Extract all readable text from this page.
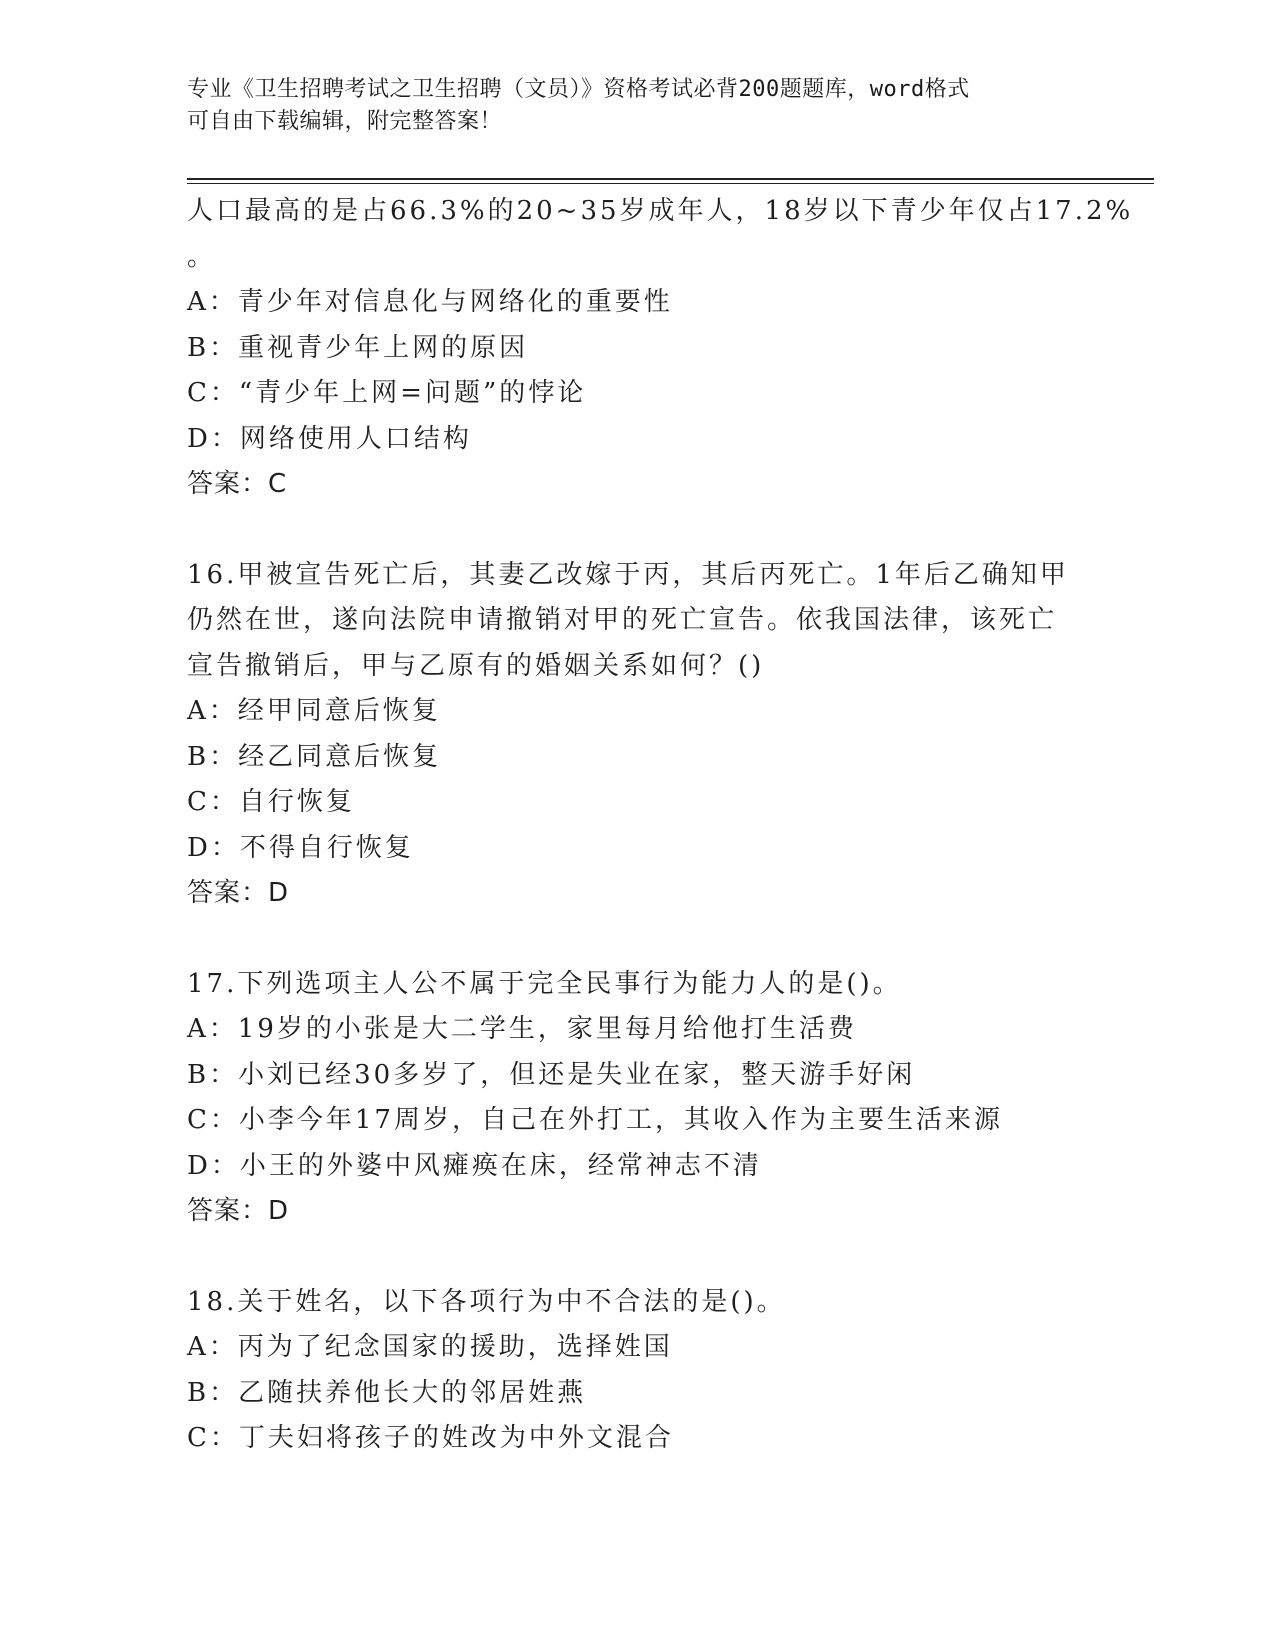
专业《卫生招聘考试之卫生招聘（文员）》资格考试必背200题题库，word格式
可自由下载编辑，附完整答案！
人口最高的是占66.3%的20~35岁成年人，18岁以下青少年仅占17.2%
。
A：青少年对信息化与网络化的重要性
B：重视青少年上网的原因
C：“青少年上网=问题”的悖论
D：网络使用人口结构
答案：C
16.甲被宣告死亡后，其妻乙改嫁于丙，其后丙死亡。1年后乙确知甲
仍然在世，遂向法院申请撤销对甲的死亡宣告。依我国法律，该死亡
宣告撤销后，甲与乙原有的婚姻关系如何？()
A：经甲同意后恢复
B：经乙同意后恢复
C：自行恢复
D：不得自行恢复
答案：D
17.下列选项主人公不属于完全民事行为能力人的是()。
A：19岁的小张是大二学生，家里每月给他打生活费
B：小刘已经30多岁了，但还是失业在家，整天游手好闲
C：小李今年17周岁，自己在外打工，其收入作为主要生活来源
D：小王的外婆中风瘫痪在床，经常神志不清
答案：D
18.关于姓名，以下各项行为中不合法的是()。
A：丙为了纪念国家的援助，选择姓国
B：乙随扶养他长大的邻居姓燕
C：丁夫妇将孩子的姓改为中外文混合
